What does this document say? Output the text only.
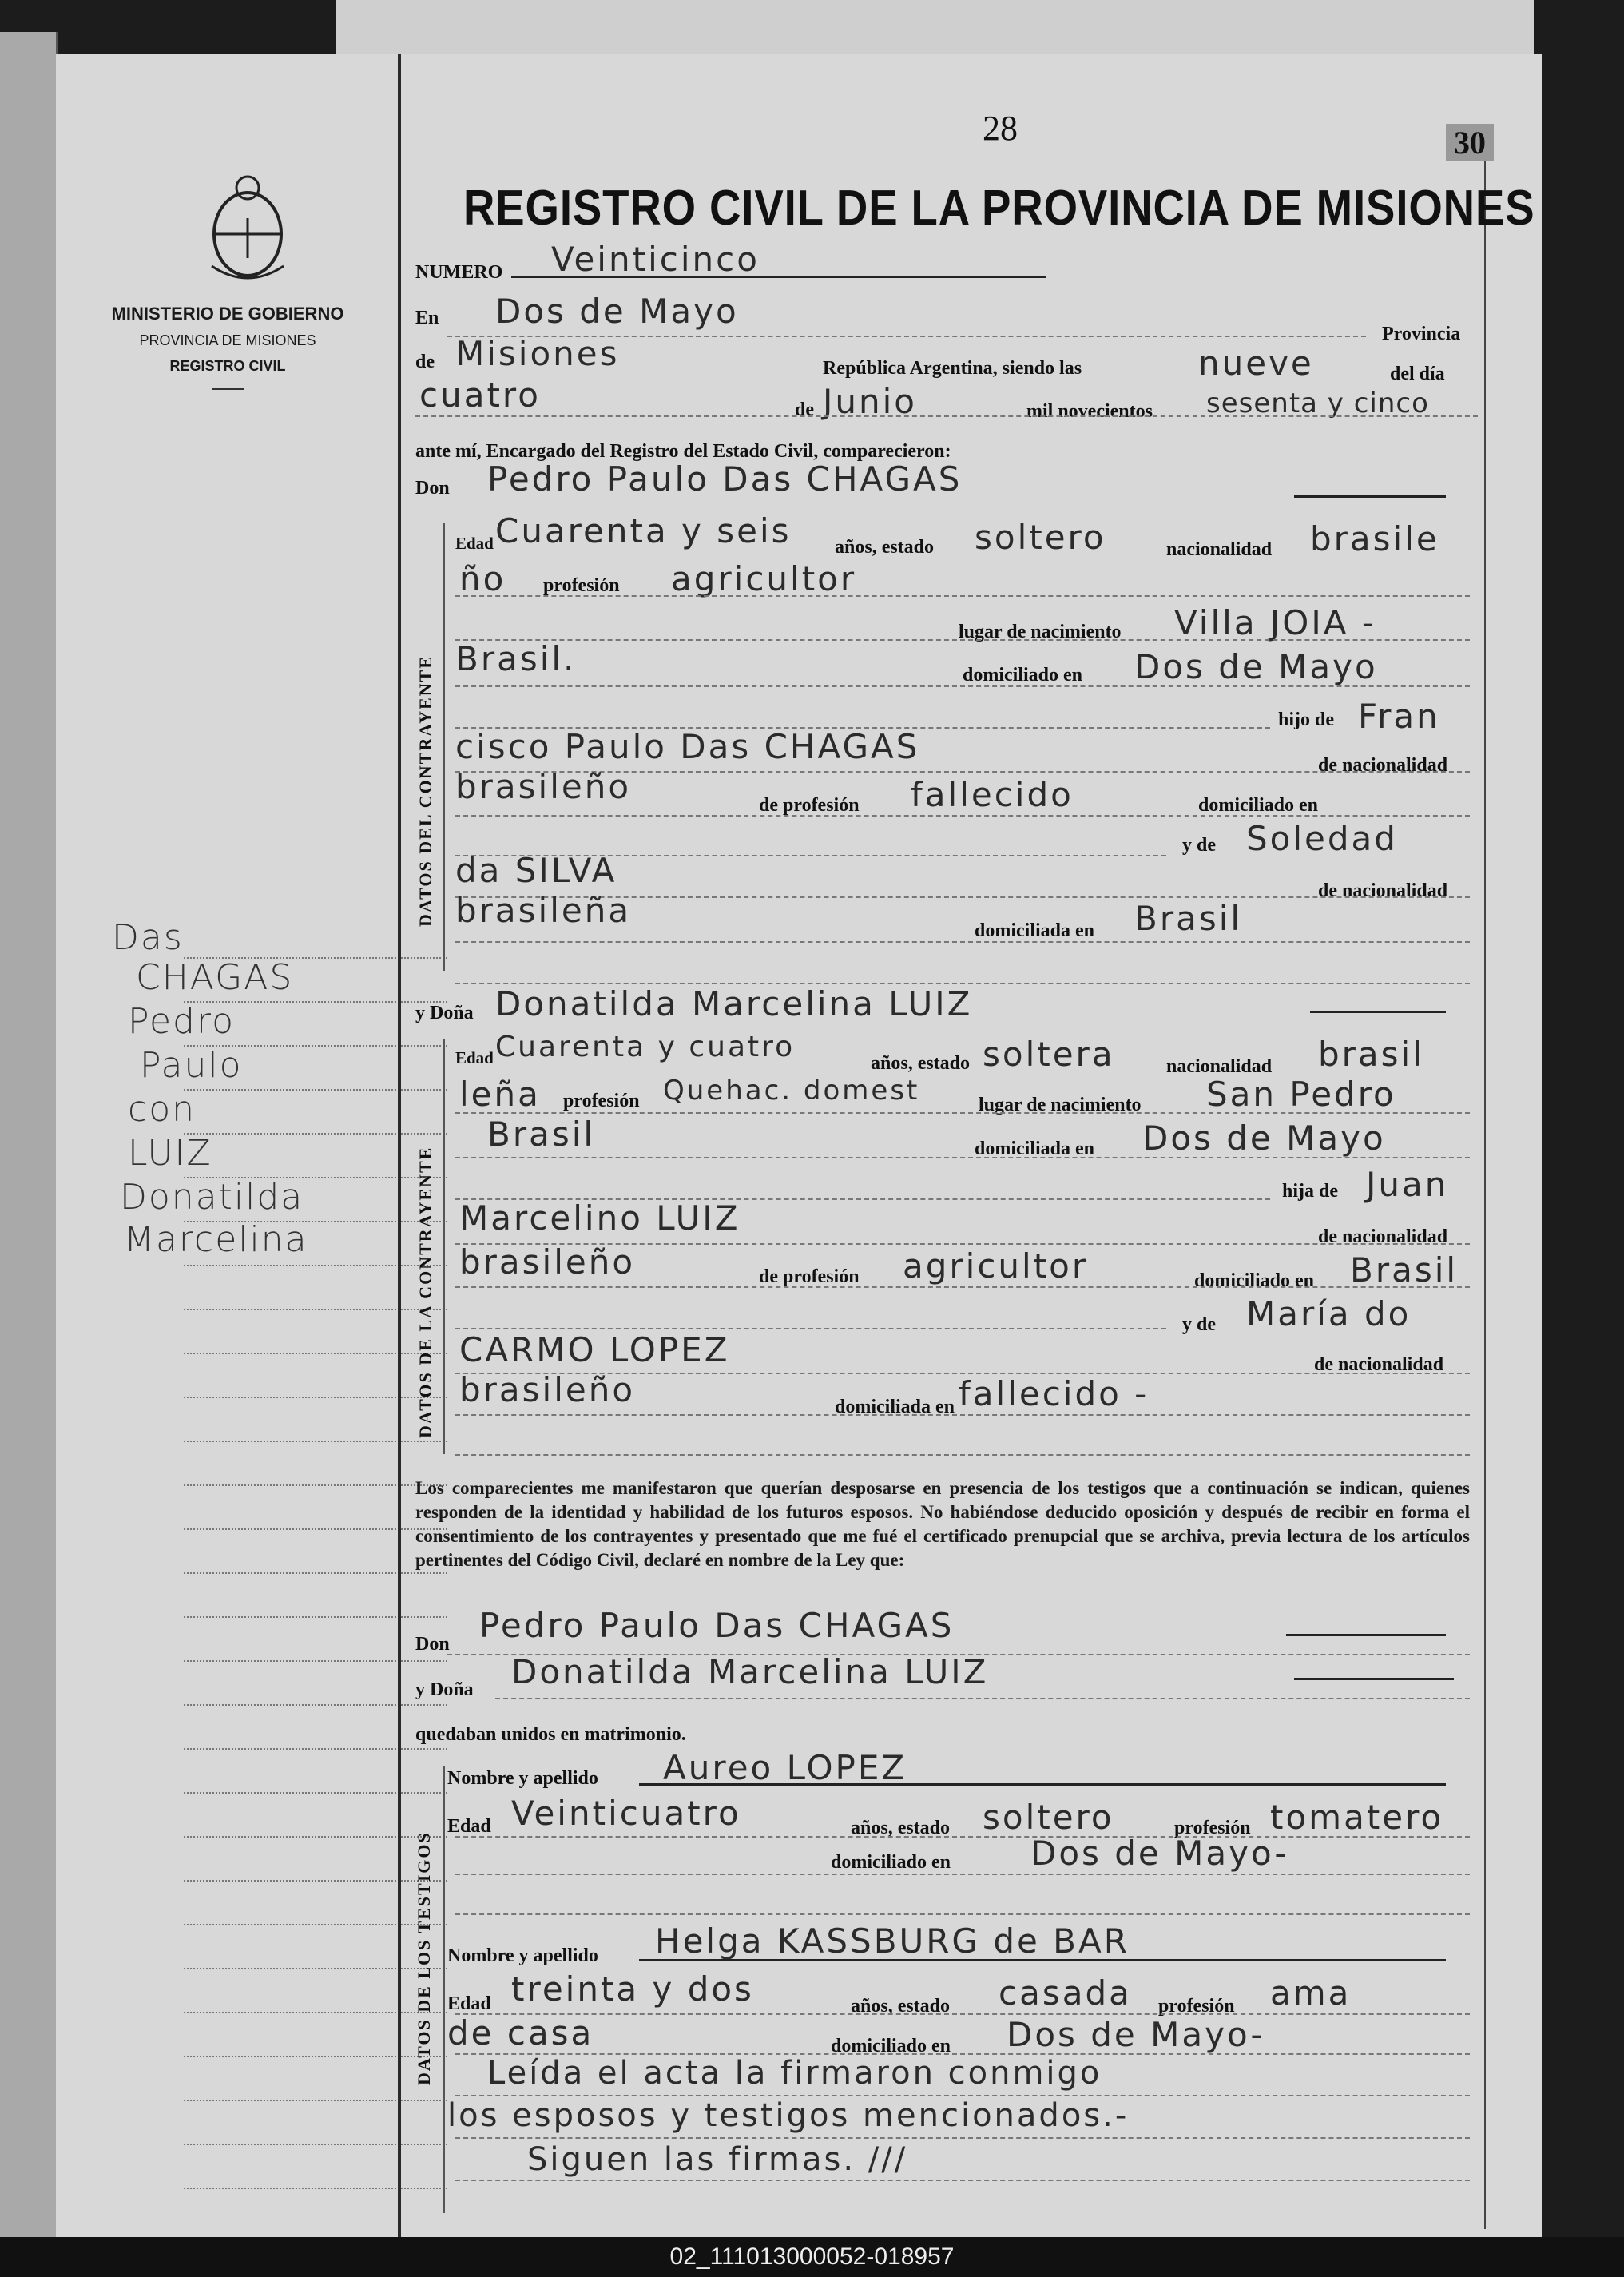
MINISTERIO DE GOBIERNO
PROVINCIA DE MISIONES
REGISTRO CIVIL
Das
CHAGAS
Pedro
Paulo
con
LUIZ
Donatilda
Marcelina
28	30
REGISTRO CIVIL DE LA PROVINCIA DE MISIONES
NUMERO Veinticinco
En Dos de Mayo
Provincia
de Misiones	República Argentina, siendo las	nueve	del día
cuatro	de Junio	mil novecientos sesenta y cinco
ante mí, Encargado del Registro del Estado Civil, comparecieron:
Don Pedro Paulo Das CHAGAS
DATOS DEL CONTRAYENTE
Edad Cuarenta y seis años, estado soltero	nacionalidad brasile
ño profesión agricultor
lugar de nacimiento Villa JOIA -
Brasil.	domiciliado en Dos de Mayo
hijo de Fran
cisco Paulo Das CHAGAS	de nacionalidad
brasileño	de profesión fallecido	domiciliado en
y de Soledad
da SILVA
de nacionalidad
brasileña
domiciliada en Brasil
y Doña Donatilda Marcelina LUIZ
DATOS DE LA CONTRAYENTE
Edad Cuarenta y cuatro	años, estado soltera	nacionalidad brasil
leña profesión Quehac. domest	lugar de nacimiento San Pedro
Brasil	domiciliada en Dos de Mayo
hija de Juan
Marcelino LUIZ	de nacionalidad
brasileño	de profesión agricultor	domiciliado en Brasil
y de María do
CARMO LOPEZ	de nacionalidad
brasileño	domiciliada en fallecido -
Los comparecientes me manifestaron que querían desposarse en presencia de los testigos que a continuación se indican, quienes responden de la identidad y habilidad de los futuros esposos. No habiéndose deducido oposición y después de recibir en forma el consentimiento de los contrayentes y presentado que me fué el certificado prenupcial que se archiva, previa lectura de los artículos pertinentes del Código Civil, declaré en nombre de la Ley que:
Don Pedro Paulo Das CHAGAS
y Doña Donatilda Marcelina LUIZ
quedaban unidos en matrimonio.
DATOS DE LOS TESTIGOS
Nombre y apellido Aureo LOPEZ
Edad Veinticuatro	años, estado soltero	profesión tomatero
domiciliado en Dos de Mayo-
Nombre y apellido Helga KASSBURG de BAR
Edad treinta y dos	años, estado casada profesión ama
de casa	domiciliado en Dos de Mayo-
Leída el acta la firmaron conmigo
los esposos y testigos mencionados.-
Siguen las firmas. ///
02_111013000052-018957
